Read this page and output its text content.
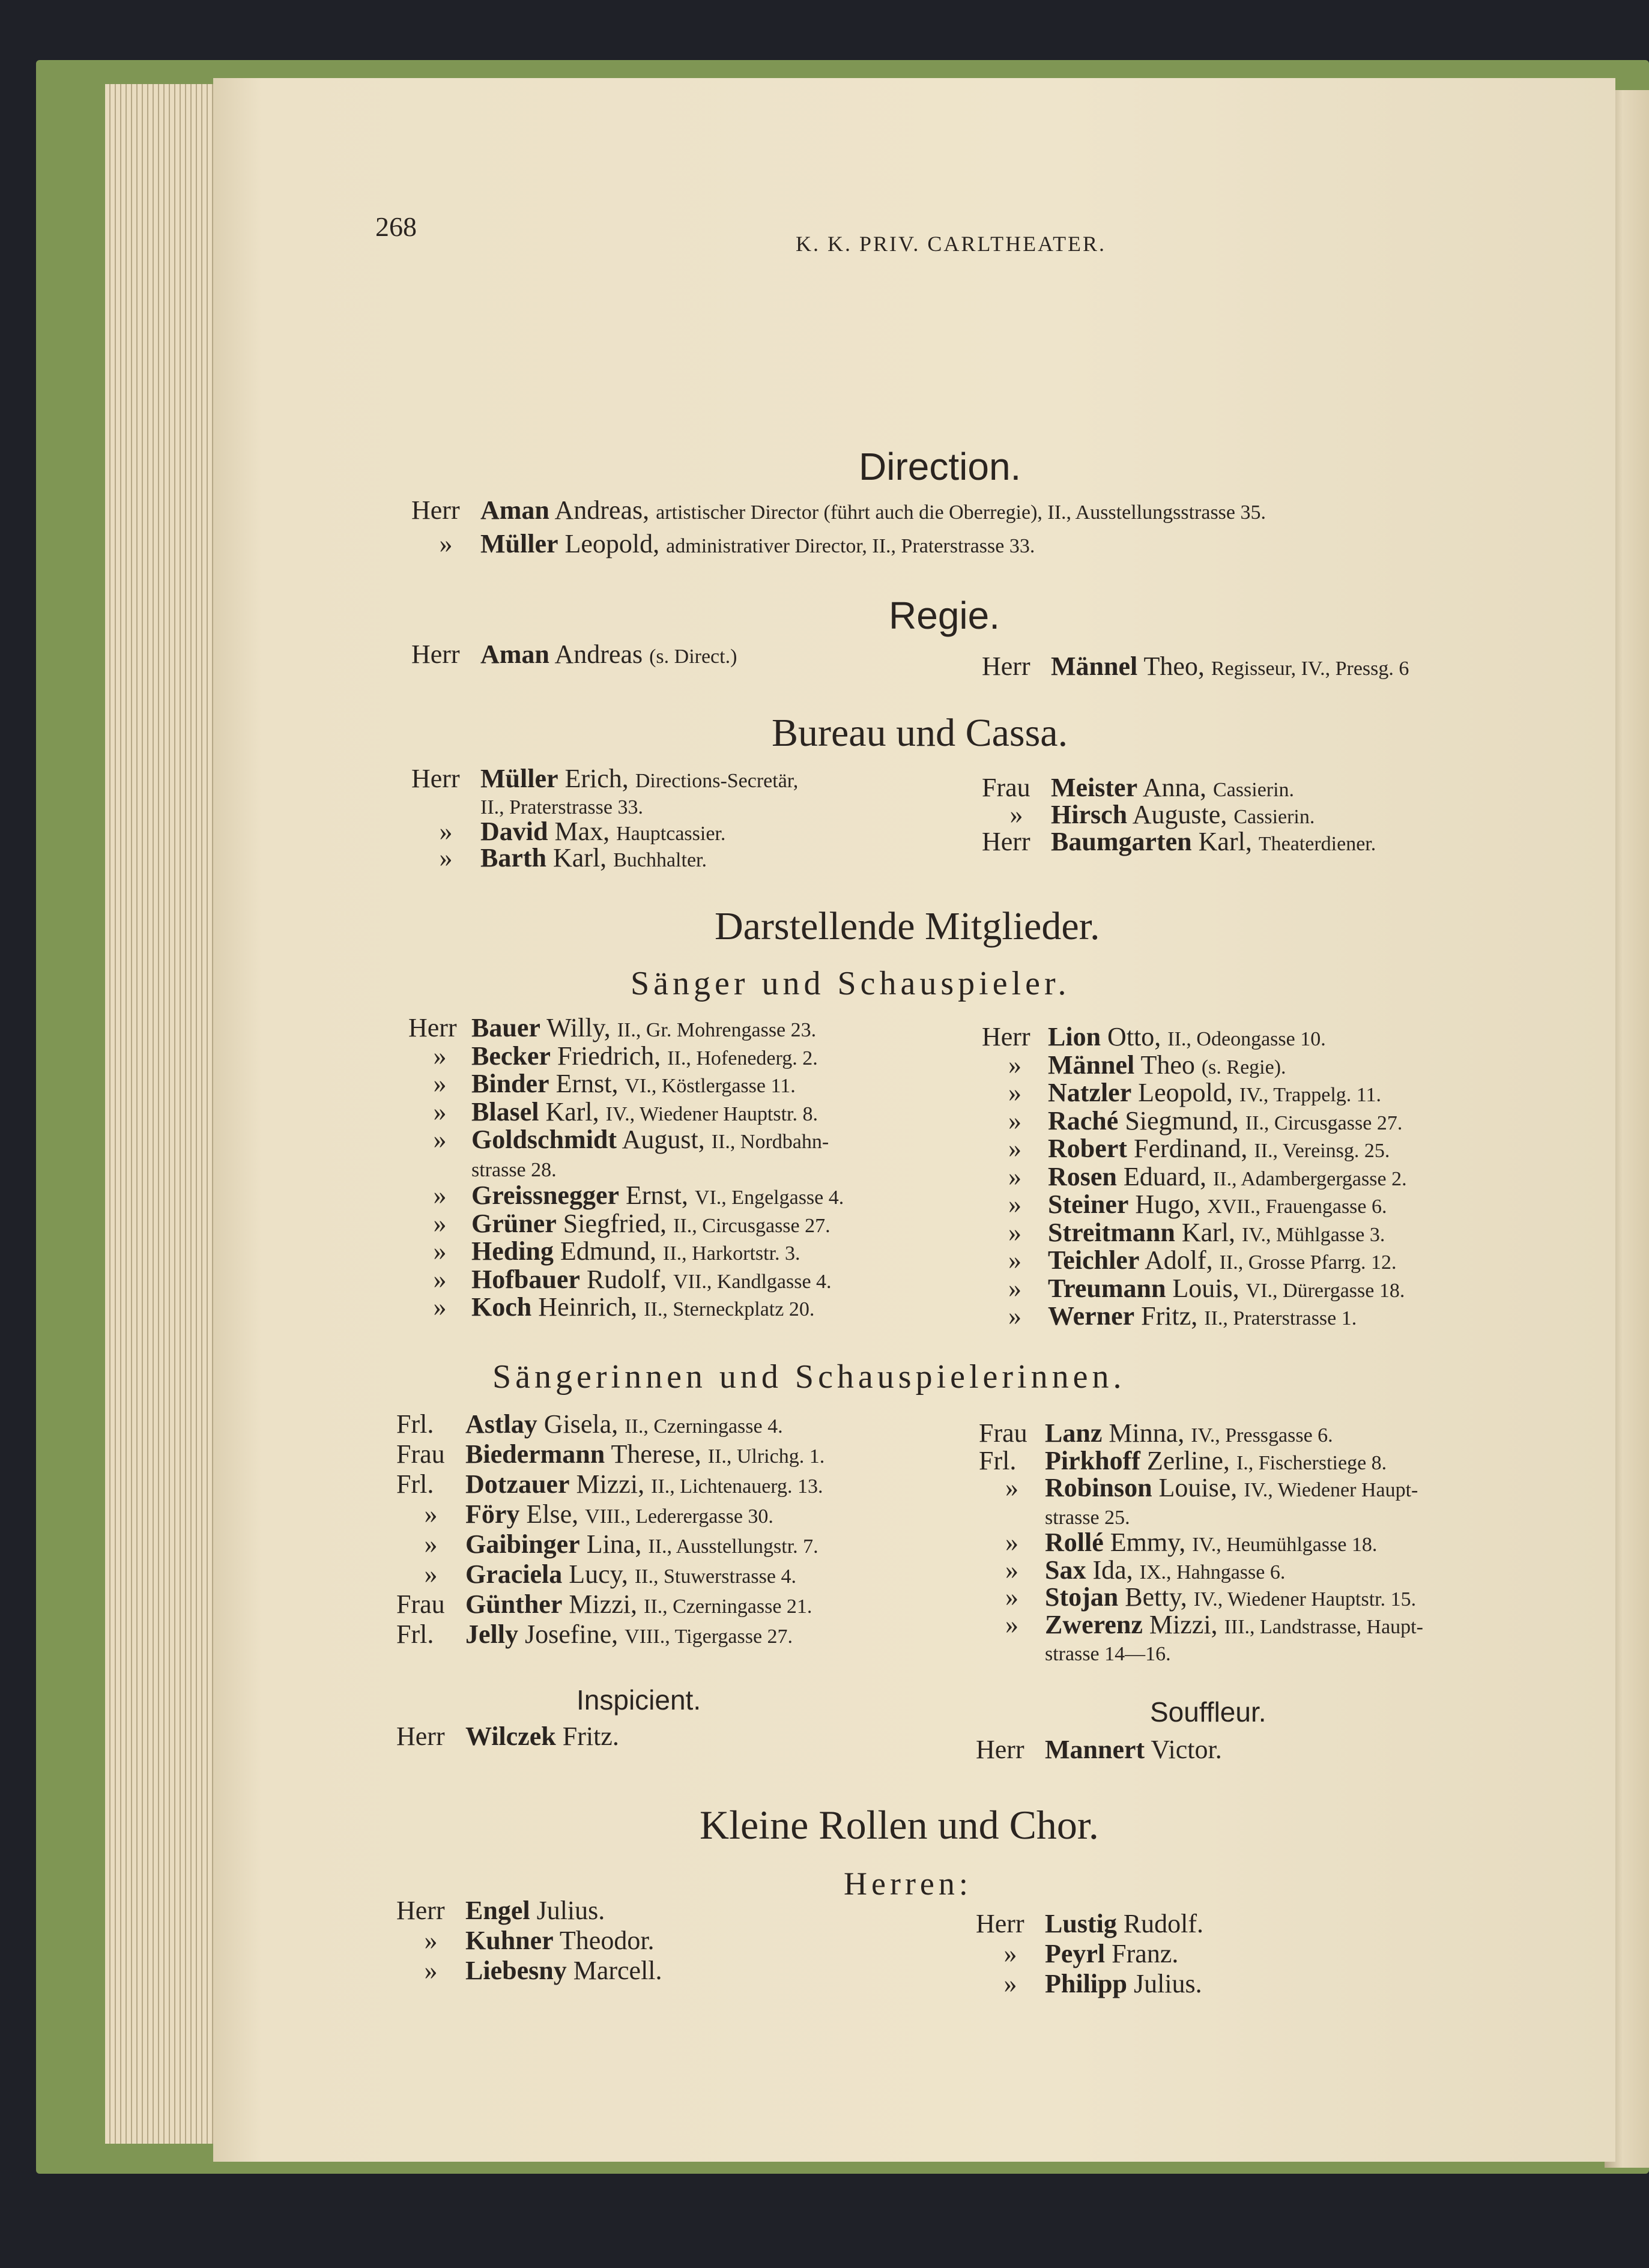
268
K. K. PRIV. CARLTHEATER.
Direction.
Regie.
Bureau und Cassa.
Darstellende Mitglieder.
Sänger und Schauspieler.
Sängerinnen und Schauspielerinnen.
Inspicient.	Souffleur.
Kleine Rollen und Chor.
Herren:
Herr Aman Andreas, artistischer Director (führt auch die Oberregie), II., Ausstellungsstrasse 35.
» Müller Leopold, administrativer Director, II., Praterstrasse 33.
Herr Aman Andreas (s. Direct.)	Herr Männel Theo, Regisseur, IV., Pressg. 6
Herr Müller Erich, Directions-Secretär,
II., Praterstrasse 33.
» David Max, Hauptcassier.
» Barth Karl, Buchhalter.
Frau Meister Anna, Cassierin.
» Hirsch Auguste, Cassierin.
Herr Baumgarten Karl, Theaterdiener.
Herr Bauer Willy, II., Gr. Mohrengasse 23.
» Becker Friedrich, II., Hofenederg. 2.
» Binder Ernst, VI., Köstlergasse 11.
» Blasel Karl, IV., Wiedener Hauptstr. 8.
» Goldschmidt August, II., Nordbahn-
strasse 28.
» Greissnegger Ernst, VI., Engelgasse 4.
» Grüner Siegfried, II., Circusgasse 27.
» Heding Edmund, II., Harkortstr. 3.
» Hofbauer Rudolf, VII., Kandlgasse 4.
» Koch Heinrich, II., Sterneckplatz 20.
Herr Lion Otto, II., Odeongasse 10.
» Männel Theo (s. Regie).
» Natzler Leopold, IV., Trappelg. 11.
» Raché Siegmund, II., Circusgasse 27.
» Robert Ferdinand, II., Vereinsg. 25.
» Rosen Eduard, II., Adambergergasse 2.
» Steiner Hugo, XVII., Frauengasse 6.
» Streitmann Karl, IV., Mühlgasse 3.
» Teichler Adolf, II., Grosse Pfarrg. 12.
» Treumann Louis, VI., Dürergasse 18.
» Werner Fritz, II., Praterstrasse 1.
Frl. Astlay Gisela, II., Czerningasse 4.
Frau Biedermann Therese, II., Ulrichg. 1.
Frl. Dotzauer Mizzi, II., Lichtenauerg. 13.
» Föry Else, VIII., Lederergasse 30.
» Gaibinger Lina, II., Ausstellungstr. 7.
» Graciela Lucy, II., Stuwerstrasse 4.
Frau Günther Mizzi, II., Czerningasse 21.
Frl. Jelly Josefine, VIII., Tigergasse 27.
Frau Lanz Minna, IV., Pressgasse 6.
Frl. Pirkhoff Zerline, I., Fischerstiege 8.
» Robinson Louise, IV., Wiedener Haupt-
strasse 25.
» Rollé Emmy, IV., Heumühlgasse 18.
» Sax Ida, IX., Hahngasse 6.
» Stojan Betty, IV., Wiedener Hauptstr. 15.
» Zwerenz Mizzi, III., Landstrasse, Haupt-
strasse 14—16.
Herr Wilczek Fritz.	Herr Mannert Victor.
Herr Engel Julius.
» Kuhner Theodor.
» Liebesny Marcell.
Herr Lustig Rudolf.
» Peyrl Franz.
» Philipp Julius.
